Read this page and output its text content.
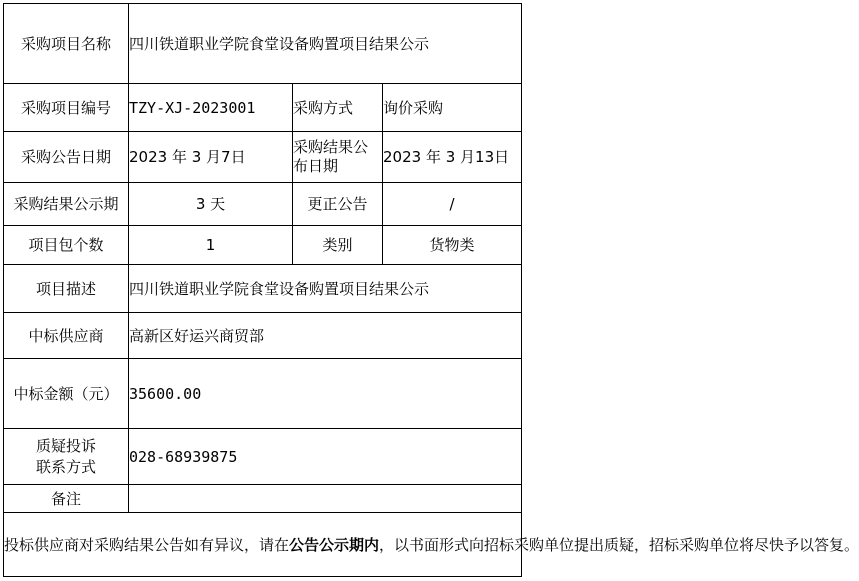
采购项目名称	四川铁道职业学院食堂设备购置项目结果公示		
采购项目编号	TZY-XJ-2023001	采购方式	询价采购
采购公告日期	2023 年 3 月7日	采购结果公布日期	2023 年 3 月13日
采购结果公示期	3 天	更正公告	/
项目包个数	1	类别	货物类
项目描述	四川铁道职业学院食堂设备购置项目结果公示		
中标供应商	高新区好运兴商贸部		
中标金额（元）	35600.00		
质疑投诉联系方式	028-68939875		
备注			
投标供应商对采购结果公告如有异议，请在公告公示期内，以书面形式向招标采购单位提出质疑，招标采购单位将尽快予以答复。			
